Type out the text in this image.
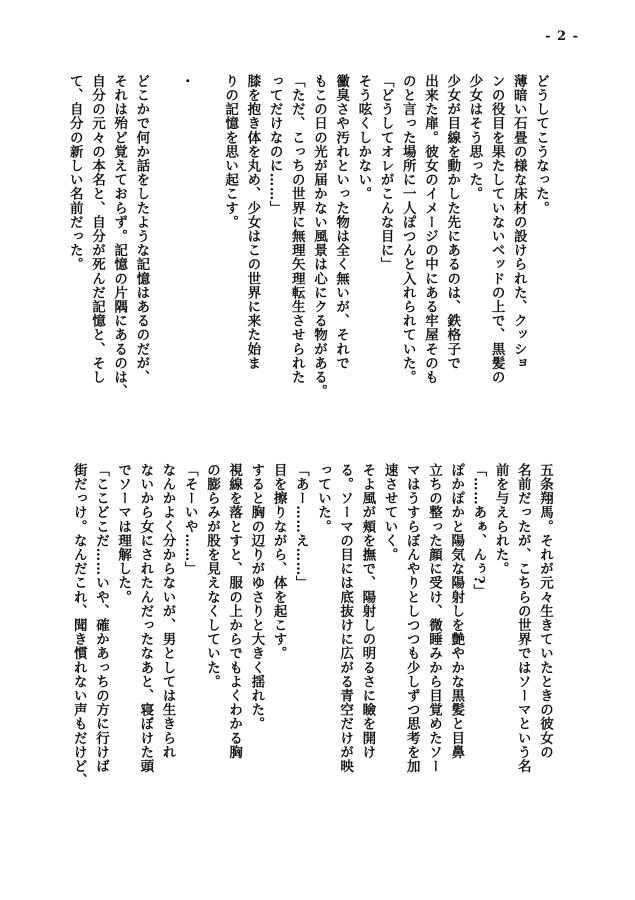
- 2 -
どうしてこうなった。
薄暗い石畳の様な床材の設けられた、クッショ
ンの役目を果たしていないベッドの上で、黒髪の
少女はそう思った。
少女が目線を動かした先にあるのは、鉄格子で
出来た扉。彼女のイメージの中にある牢屋そのも
のと言った場所に一人ぽつんと入れられていた。
「どうしてオレがこんな目に」
そう呟くしかない。
黴臭さや汚れといった物は全く無いが、それで
もこの日の光が届かない風景は心にクる物がある。
「ただ、こっちの世界に無理矢理転生させられた
ってだけなのに……」
膝を抱き体を丸め、少女はこの世界に来た始ま
りの記憶を思い起こす。

・

どこかで何か話をしたような記憶はあるのだが、
それは殆ど覚えておらず。記憶の片隅にあるのは、
自分の元々の本名と、自分が死んだ記憶と、そし
て、自分の新しい名前だった。
五条翔馬。それが元々生きていたときの彼女の
名前だったが、こちらの世界ではソーマという名
前を与えられた。
「……あぁ、んぅ?」
ぽかぽかと陽気な陽射しを艶やかな黒髪と目鼻
立ちの整った顔に受け、微睡みから目覚めたソー
マはうすらぼんやりとしつつも少しずつ思考を加
速させていく。
そよ風が頬を撫で、陽射しの明るさに瞼を開け
る。ソーマの目には底抜けに広がる青空だけが映
っていた。
「あー……え……」
目を擦りながら、体を起こす。
すると胸の辺りがゆさりと大きく揺れた。
視線を落とすと、服の上からでもよくわかる胸
の膨らみが股を見えなくしていた。
「そーいや……」
なんかよく分からないが、男としては生きられ
ないから女にされたんだったなあと、寝ぼけた頭
でソーマは理解した。
「ここどこだ……いや、確かあっちの方に行けば
街だっけ。なんだこれ、聞き慣れない声もだけど、
